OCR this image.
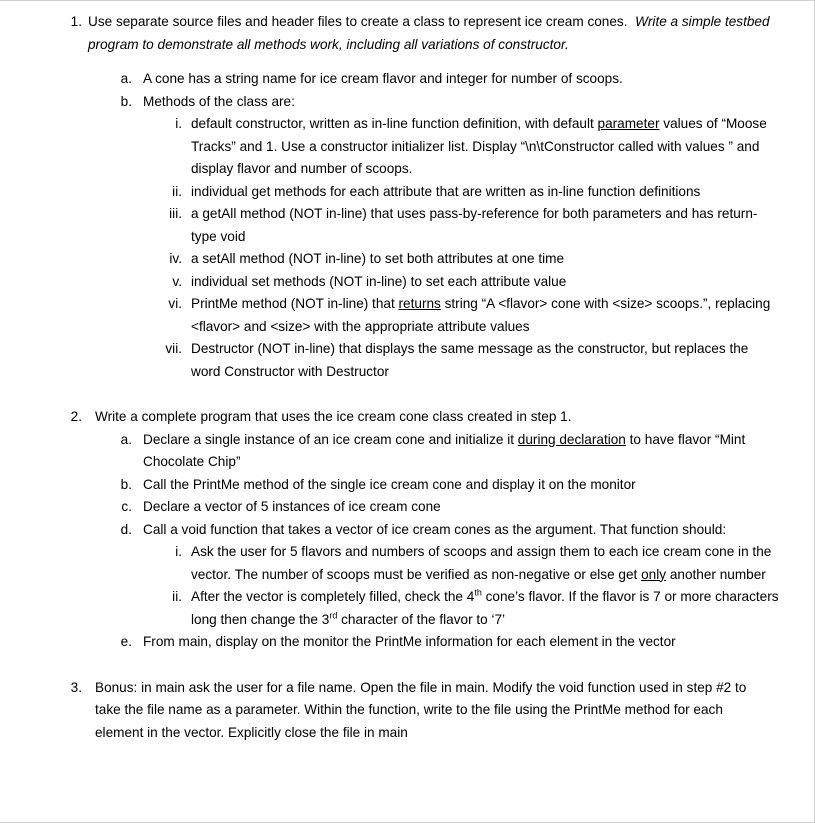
1. Use separate source files and header files to create a class to represent ice cream cones. Write a simple testbed program to demonstrate all methods work, including all variations of constructor.
a. A cone has a string name for ice cream flavor and integer for number of scoops.
b. Methods of the class are:
i. default constructor, written as in-line function definition, with default parameter values of “Moose Tracks” and 1. Use a constructor initializer list. Display “\n\tConstructor called with values ” and display flavor and number of scoops.
ii. individual get methods for each attribute that are written as in-line function definitions
iii. a getAll method (NOT in-line) that uses pass-by-reference for both parameters and has return-type void
iv. a setAll method (NOT in-line) to set both attributes at one time
v. individual set methods (NOT in-line) to set each attribute value
vi. PrintMe method (NOT in-line) that returns string “A <flavor> cone with <size> scoops.”, replacing <flavor> and <size> with the appropriate attribute values
vii. Destructor (NOT in-line) that displays the same message as the constructor, but replaces the word Constructor with Destructor
2. Write a complete program that uses the ice cream cone class created in step 1.
a. Declare a single instance of an ice cream cone and initialize it during declaration to have flavor “Mint Chocolate Chip”
b. Call the PrintMe method of the single ice cream cone and display it on the monitor
c. Declare a vector of 5 instances of ice cream cone
d. Call a void function that takes a vector of ice cream cones as the argument. That function should:
i. Ask the user for 5 flavors and numbers of scoops and assign them to each ice cream cone in the vector. The number of scoops must be verified as non-negative or else get only another number
ii. After the vector is completely filled, check the 4th cone’s flavor. If the flavor is 7 or more characters long then change the 3rd character of the flavor to ‘7’
e. From main, display on the monitor the PrintMe information for each element in the vector
3. Bonus: in main ask the user for a file name. Open the file in main. Modify the void function used in step #2 to take the file name as a parameter. Within the function, write to the file using the PrintMe method for each element in the vector. Explicitly close the file in main
